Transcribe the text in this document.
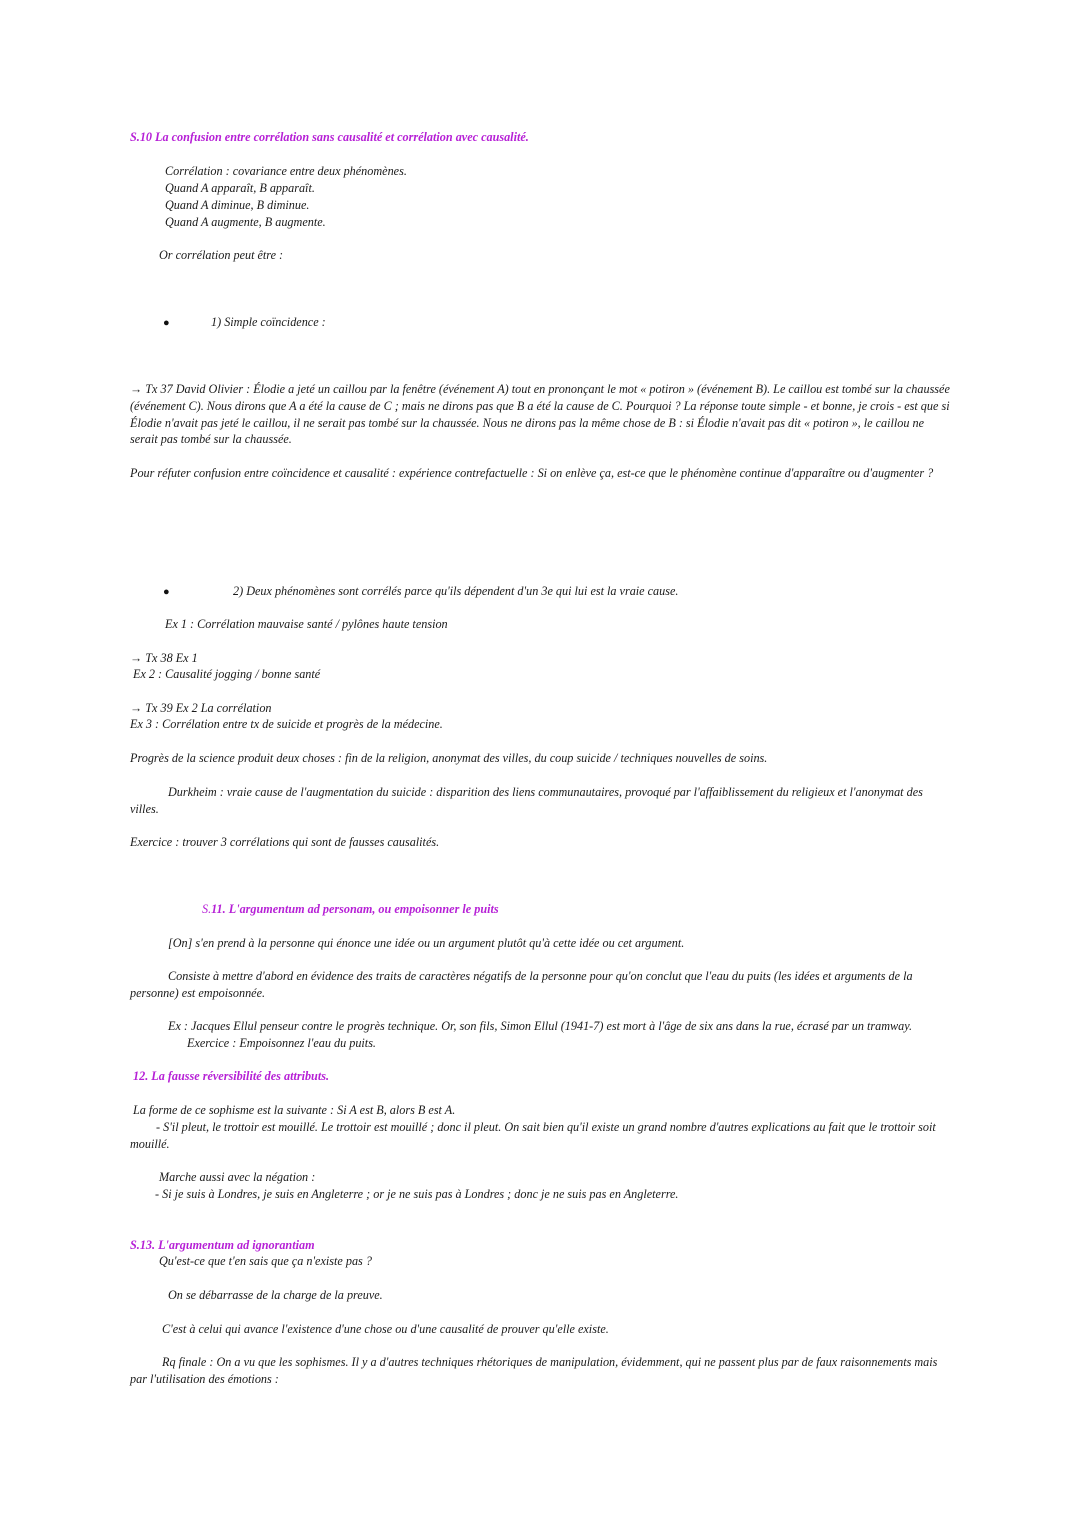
S.10 La confusion entre corrélation sans causalité et corrélation avec causalité.
Corrélation : covariance entre deux phénomènes.
Quand A apparaît, B apparaît.
Quand A diminue, B diminue.
Quand A augmente, B augmente.
Or corrélation peut être :
●	1) Simple coïncidence :
→ Tx 37 David Olivier : Élodie a jeté un caillou par la fenêtre (événement A) tout en prononçant le mot « potiron » (événement B). Le caillou est tombé sur la chaussée (événement C). Nous dirons que A a été la cause de C ; mais ne dirons pas que B a été la cause de C. Pourquoi ? La réponse toute simple - et bonne, je crois - est que si Élodie n'avait pas jeté le caillou, il ne serait pas tombé sur la chaussée. Nous ne dirons pas la même chose de B : si Élodie n'avait pas dit « potiron », le caillou ne serait pas tombé sur la chaussée.
Pour réfuter confusion entre coïncidence et causalité : expérience contrefactuelle : Si on enlève ça, est-ce que le phénomène continue d'apparaître ou d'augmenter ?
●	2) Deux phénomènes sont corrélés parce qu'ils dépendent d'un 3e qui lui est la vraie cause.
Ex 1 : Corrélation mauvaise santé / pylônes haute tension
→ Tx 38 Ex 1
Ex 2 : Causalité jogging / bonne santé
→ Tx 39 Ex 2 La corrélation
Ex 3 : Corrélation entre tx de suicide et progrès de la médecine.
Progrès de la science produit deux choses : fin de la religion, anonymat des villes, du coup suicide / techniques nouvelles de soins.
Durkheim : vraie cause de l'augmentation du suicide : disparition des liens communautaires, provoqué par l'affaiblissement du religieux et l'anonymat des villes.
Exercice : trouver 3 corrélations qui sont de fausses causalités.
S.11. L'argumentum ad personam, ou empoisonner le puits
[On] s'en prend à la personne qui énonce une idée ou un argument plutôt qu'à cette idée ou cet argument.
Consiste à mettre d'abord en évidence des traits de caractères négatifs de la personne pour qu'on conclut que l'eau du puits (les idées et arguments de la personne) est empoisonnée.
Ex : Jacques Ellul penseur contre le progrès technique. Or, son fils, Simon Ellul (1941-7) est mort à l'âge de six ans dans la rue, écrasé par un tramway.
Exercice : Empoisonnez l'eau du puits.
12. La fausse réversibilité des attributs.
La forme de ce sophisme est la suivante : Si A est B, alors B est A.
- S'il pleut, le trottoir est mouillé. Le trottoir est mouillé ; donc il pleut. On sait bien qu'il existe un grand nombre d'autres explications au fait que le trottoir soit mouillé.
Marche aussi avec la négation :
- Si je suis à Londres, je suis en Angleterre ; or je ne suis pas à Londres ; donc je ne suis pas en Angleterre.
S.13. L'argumentum ad ignorantiam
Qu'est-ce que t'en sais que ça n'existe pas ?
On se débarrasse de la charge de la preuve.
C'est à celui qui avance l'existence d'une chose ou d'une causalité de prouver qu'elle existe.
Rq finale : On a vu que les sophismes. Il y a d'autres techniques rhétoriques de manipulation, évidemment, qui ne passent plus par de faux raisonnements mais par l'utilisation des émotions :
